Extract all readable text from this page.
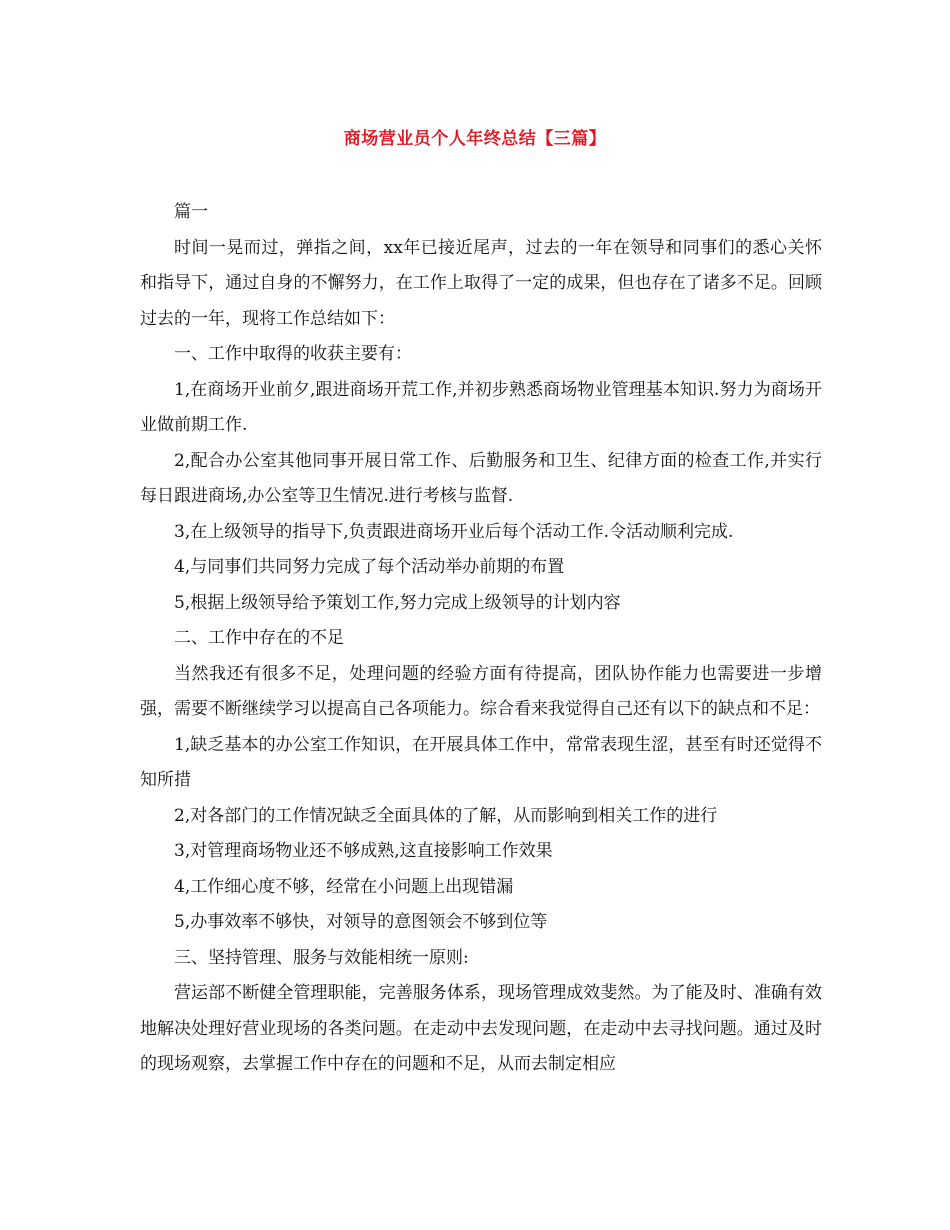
商场营业员个人年终总结【三篇】

篇一

时间一晃而过，弹指之间，xx年已接近尾声，过去的一年在领导和同事们的悉心关怀和指导下，通过自身的不懈努力，在工作上取得了一定的成果，但也存在了诸多不足。回顾过去的一年，现将工作总结如下：

一、工作中取得的收获主要有：

1,在商场开业前夕,跟进商场开荒工作,并初步熟悉商场物业管理基本知识.努力为商场开业做前期工作.

2,配合办公室其他同事开展日常工作、后勤服务和卫生、纪律方面的检查工作,并实行每日跟进商场,办公室等卫生情况.进行考核与监督.

3,在上级领导的指导下,负责跟进商场开业后每个活动工作.令活动顺利完成.

4,与同事们共同努力完成了每个活动举办前期的布置

5,根据上级领导给予策划工作,努力完成上级领导的计划内容

二、工作中存在的不足

当然我还有很多不足，处理问题的经验方面有待提高，团队协作能力也需要进一步增强，需要不断继续学习以提高自己各项能力。综合看来我觉得自己还有以下的缺点和不足：

1,缺乏基本的办公室工作知识，在开展具体工作中，常常表现生涩，甚至有时还觉得不知所措

2,对各部门的工作情况缺乏全面具体的了解，从而影响到相关工作的进行

3,对管理商场物业还不够成熟,这直接影响工作效果

4,工作细心度不够，经常在小问题上出现错漏

5,办事效率不够快，对领导的意图领会不够到位等

三、坚持管理、服务与效能相统一原则:

营运部不断健全管理职能，完善服务体系，现场管理成效斐然。为了能及时、准确有效地解决处理好营业现场的各类问题。在走动中去发现问题，在走动中去寻找问题。通过及时的现场观察，去掌握工作中存在的问题和不足，从而去制定相应
